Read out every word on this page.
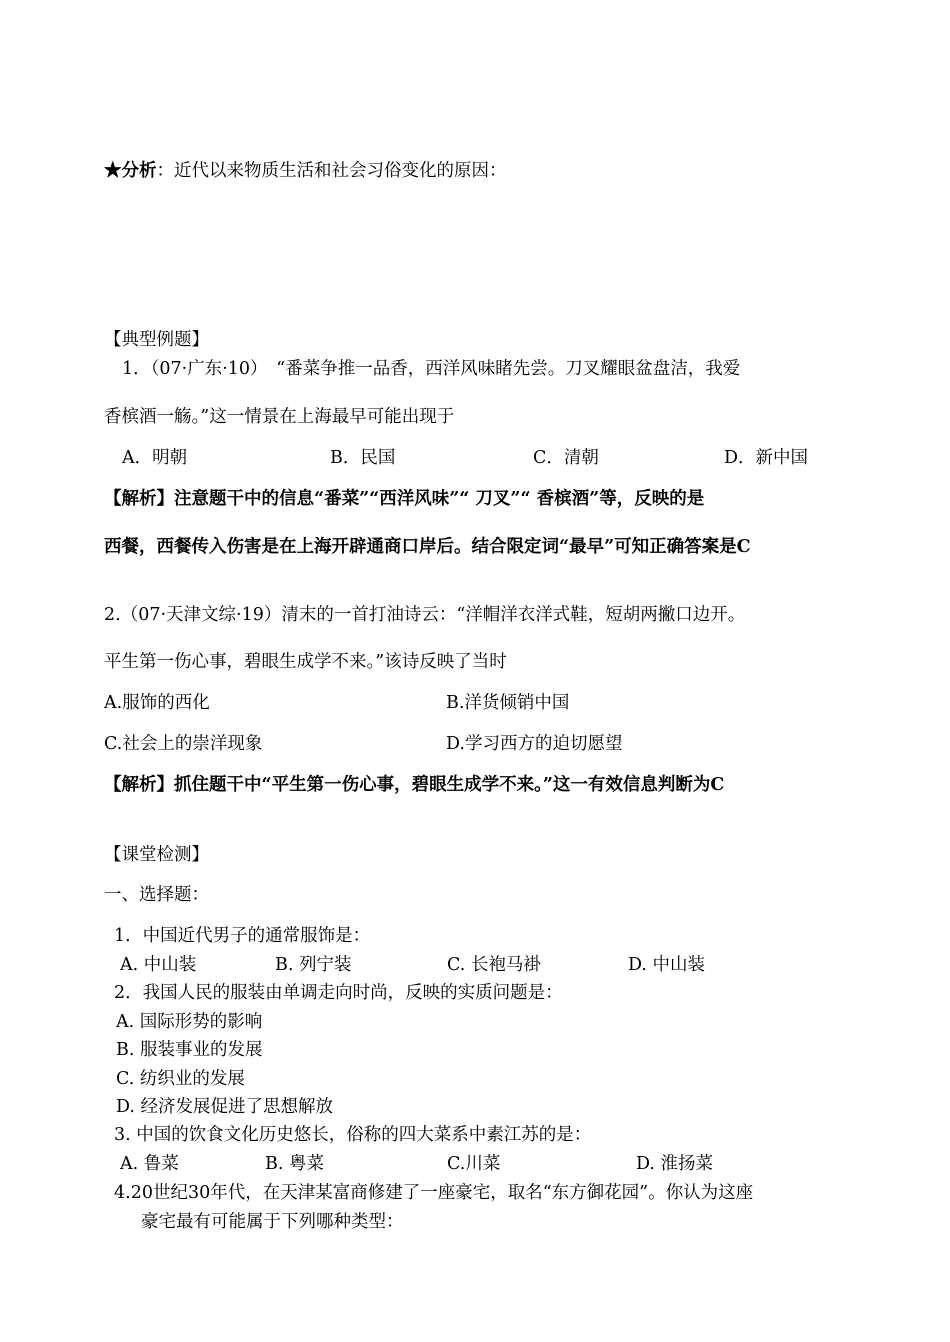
★分析：近代以来物质生活和社会习俗变化的原因：
【典型例题】
1．（07·广东·10）　“番菜争推一品香，西洋风味睹先尝。刀叉耀眼盆盘洁，我爱
香槟酒一觞。”这一情景在上海最早可能出现于
A．明朝	B．民国	C．清朝	D．新中国
【解析】注意题干中的信息“番菜”“西洋风味”“ 刀叉”“ 香槟酒”等，反映的是
西餐，西餐传入伤害是在上海开辟通商口岸后。结合限定词“最早”可知正确答案是C
2.（07·天津文综·19）清末的一首打油诗云：“洋帽洋衣洋式鞋，短胡两撇口边开。
平生第一伤心事，碧眼生成学不来。”该诗反映了当时
A.服饰的西化	B.洋货倾销中国
C.社会上的崇洋现象	D.学习西方的迫切愿望
【解析】抓住题干中“平生第一伤心事，碧眼生成学不来。”这一有效信息判断为C
【课堂检测】
一、选择题：
1．中国近代男子的通常服饰是：
A. 中山装	B. 列宁装	C. 长袍马褂	D. 中山装
2．我国人民的服装由单调走向时尚，反映的实质问题是：
A. 国际形势的影响
B. 服装事业的发展
C. 纺织业的发展
D. 经济发展促进了思想解放
3. 中国的饮食文化历史悠长，俗称的四大菜系中素江苏的是：
A. 鲁菜	B. 粤菜	C.川菜	D. 淮扬菜
4.20世纪30年代，在天津某富商修建了一座豪宅，取名“东方御花园”。你认为这座
豪宅最有可能属于下列哪种类型：
